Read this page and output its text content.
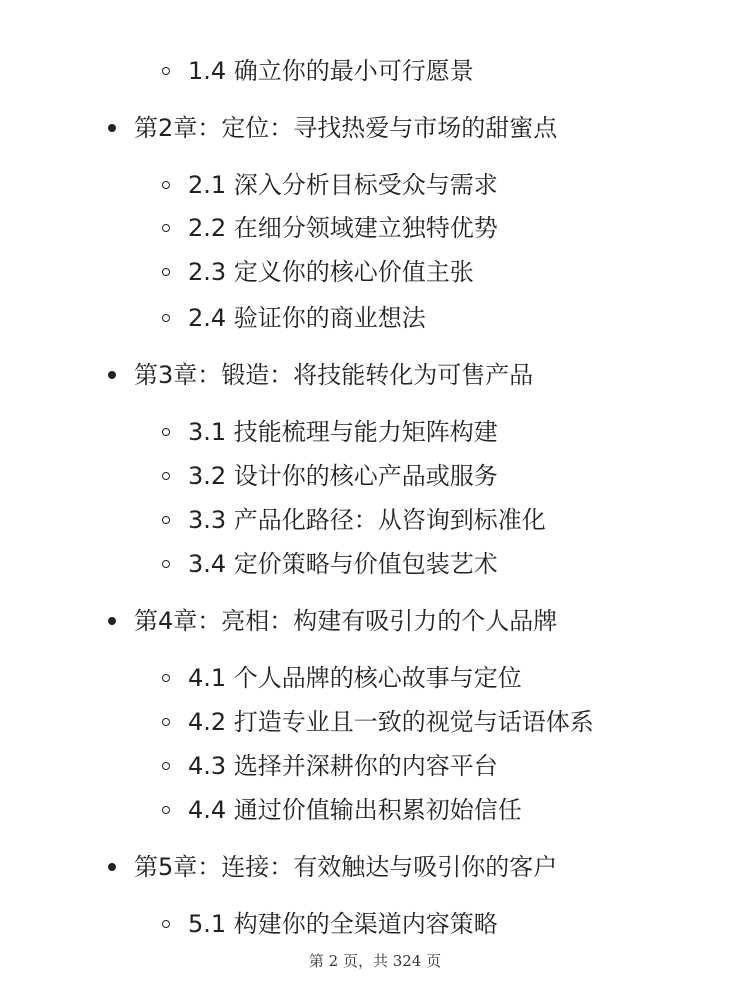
1.4 确立你的最小可行愿景
第2章：定位：寻找热爱与市场的甜蜜点
2.1 深入分析目标受众与需求
2.2 在细分领域建立独特优势
2.3 定义你的核心价值主张
2.4 验证你的商业想法
第3章：锻造：将技能转化为可售产品
3.1 技能梳理与能力矩阵构建
3.2 设计你的核心产品或服务
3.3 产品化路径：从咨询到标准化
3.4 定价策略与价值包装艺术
第4章：亮相：构建有吸引力的个人品牌
4.1 个人品牌的核心故事与定位
4.2 打造专业且一致的视觉与话语体系
4.3 选择并深耕你的内容平台
4.4 通过价值输出积累初始信任
第5章：连接：有效触达与吸引你的客户
5.1 构建你的全渠道内容策略
第 2 页，共 324 页
